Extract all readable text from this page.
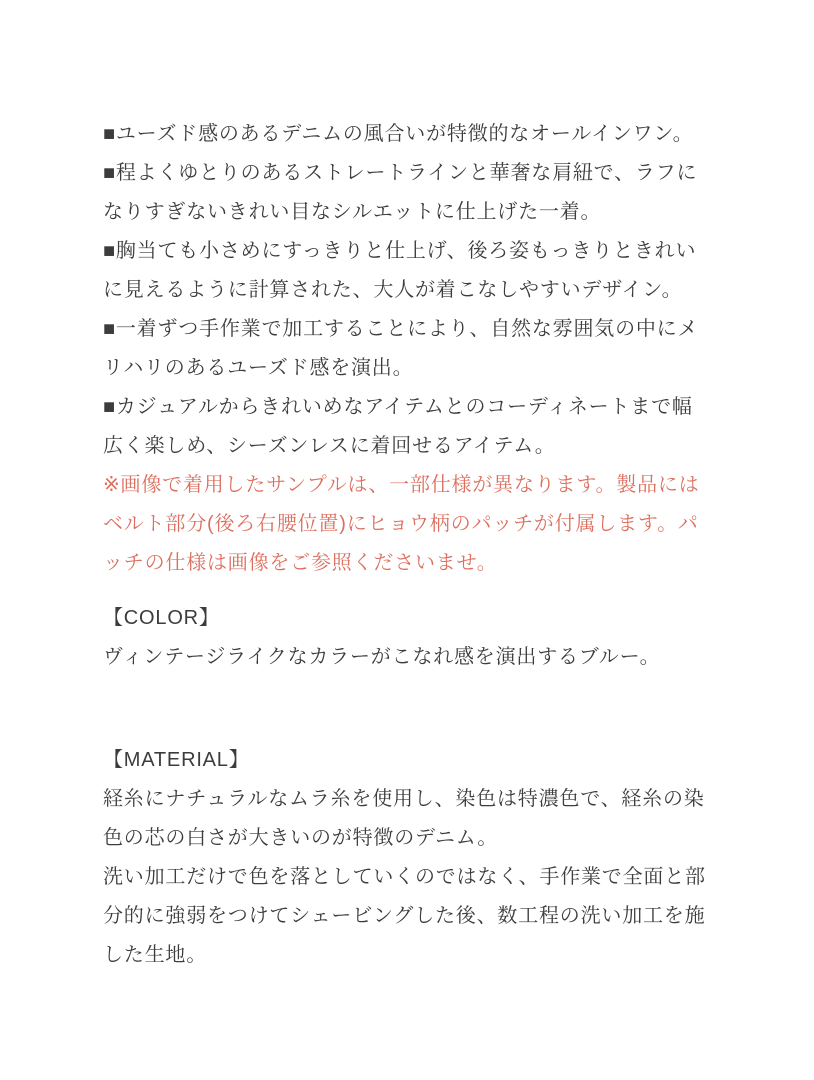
■ユーズド感のあるデニムの風合いが特徴的なオールインワン。

■程よくゆとりのあるストレートラインと華奢な肩紐で、ラフになりすぎないきれい目なシルエットに仕上げた一着。

■胸当ても小さめにすっきりと仕上げ、後ろ姿もっきりときれいに見えるように計算された、大人が着こなしやすいデザイン。

■一着ずつ手作業で加工することにより、自然な雰囲気の中にメリハリのあるユーズド感を演出。

■カジュアルからきれいめなアイテムとのコーディネートまで幅広く楽しめ、シーズンレスに着回せるアイテム。

※画像で着用したサンプルは、一部仕様が異なります。製品にはベルト部分(後ろ右腰位置)にヒョウ柄のパッチが付属します。パッチの仕様は画像をご参照くださいませ。

【COLOR】

ヴィンテージライクなカラーがこなれ感を演出するブルー。

【MATERIAL】

経糸にナチュラルなムラ糸を使用し、染色は特濃色で、経糸の染色の芯の白さが大きいのが特徴のデニム。

洗い加工だけで色を落としていくのではなく、手作業で全面と部分的に強弱をつけてシェービングした後、数工程の洗い加工を施した生地。
